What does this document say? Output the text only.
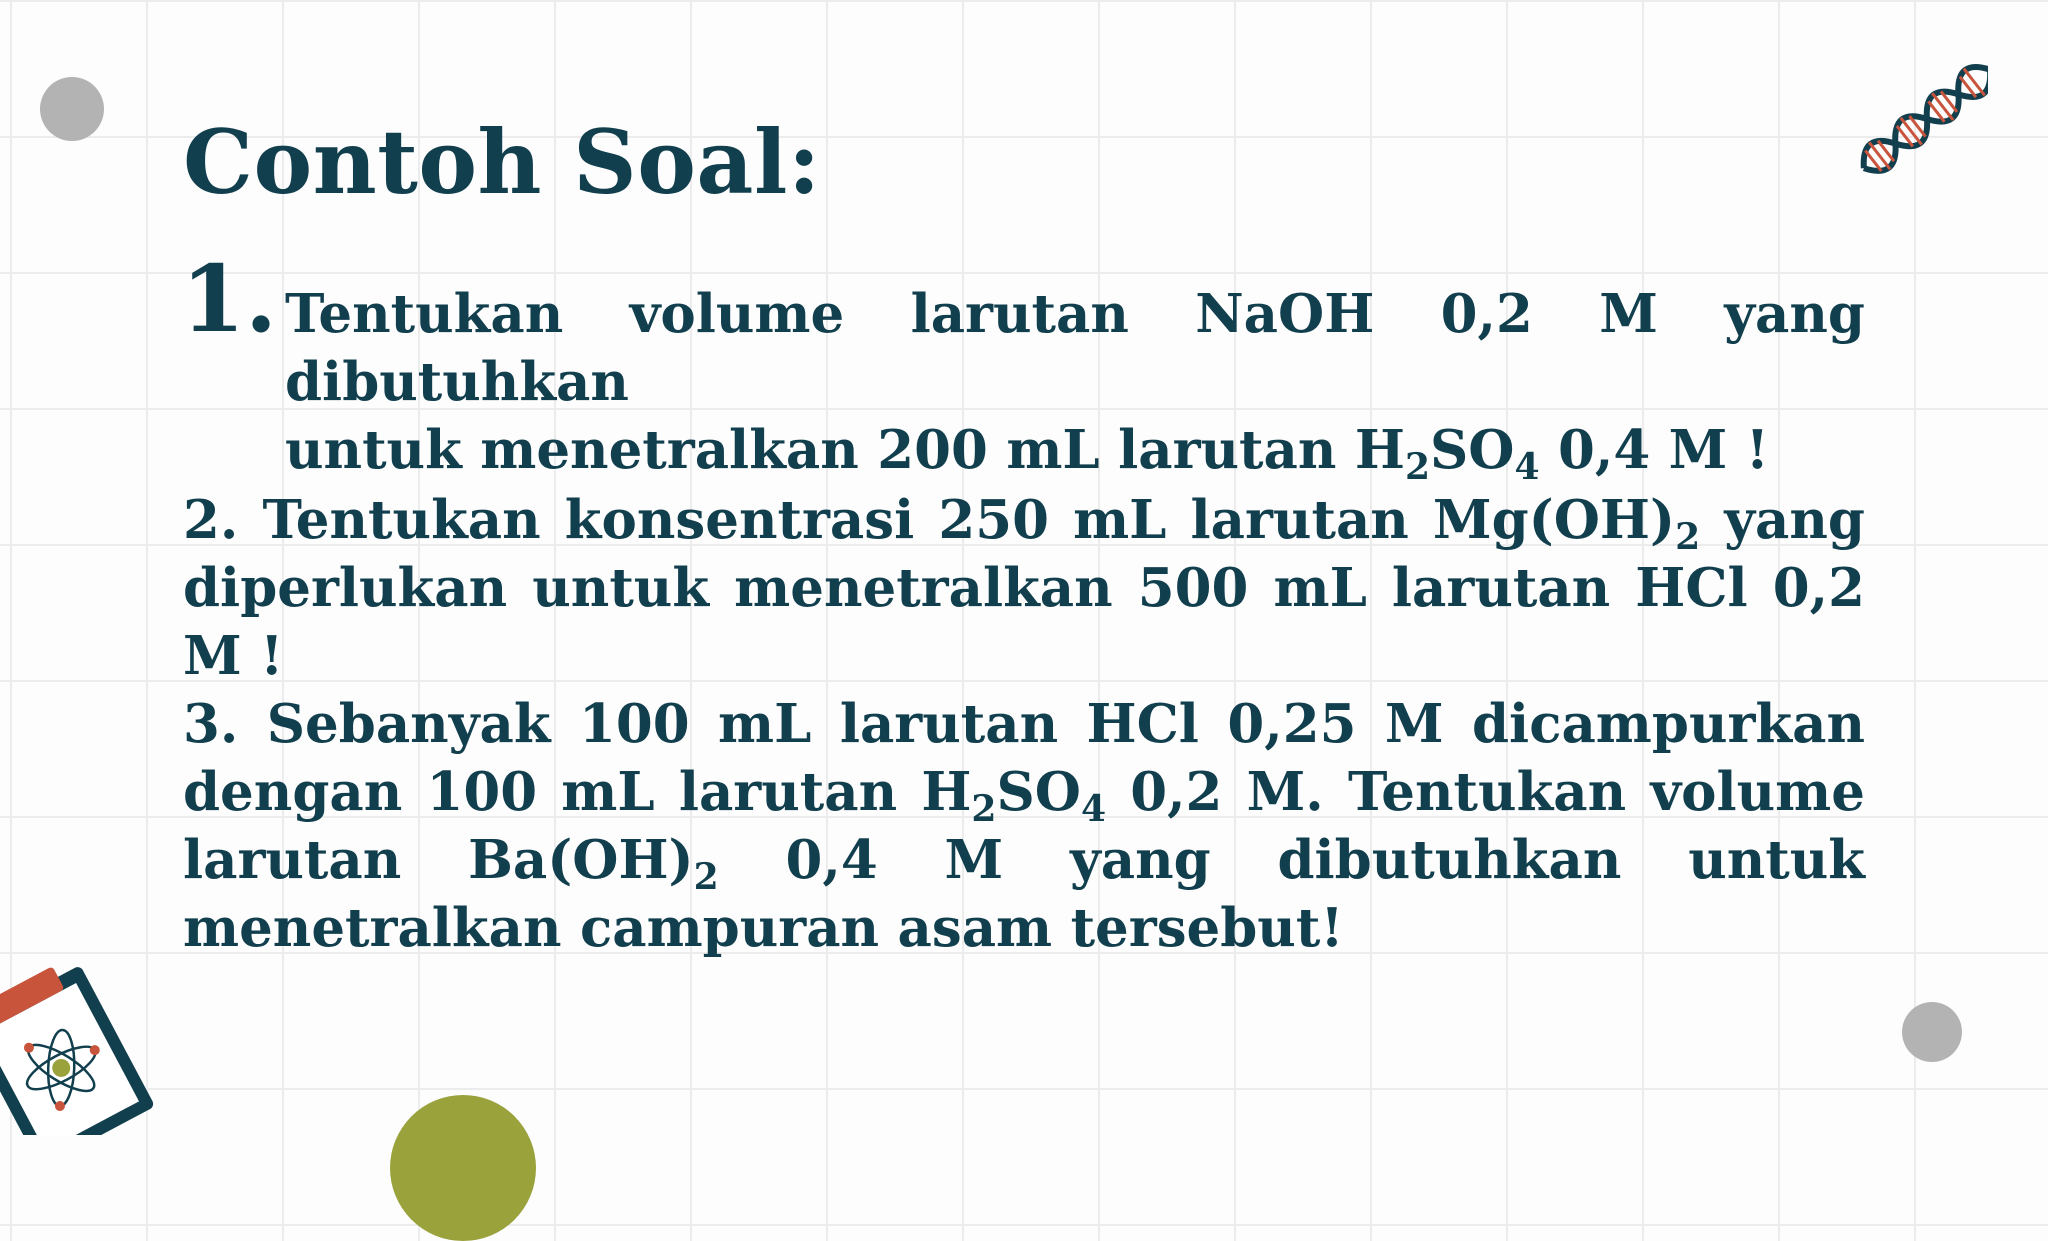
Contoh Soal:
1. Tentukan volume larutan NaOH 0,2 M yang dibutuhkan
untuk menetralkan 200 mL larutan $H_2SO_4$ 0,4 M !
2. Tentukan konsentrasi 250 mL larutan $Mg(OH)_2$ yang diperlukan untuk menetralkan 500 mL larutan HCl 0,2 M !
3. Sebanyak 100 mL larutan HCl 0,25 M dicampurkan dengan 100 mL larutan $H_2SO_4$ 0,2 M. Tentukan volume larutan $Ba(OH)_2$ 0,4 M yang dibutuhkan untuk menetralkan campuran asam tersebut!
